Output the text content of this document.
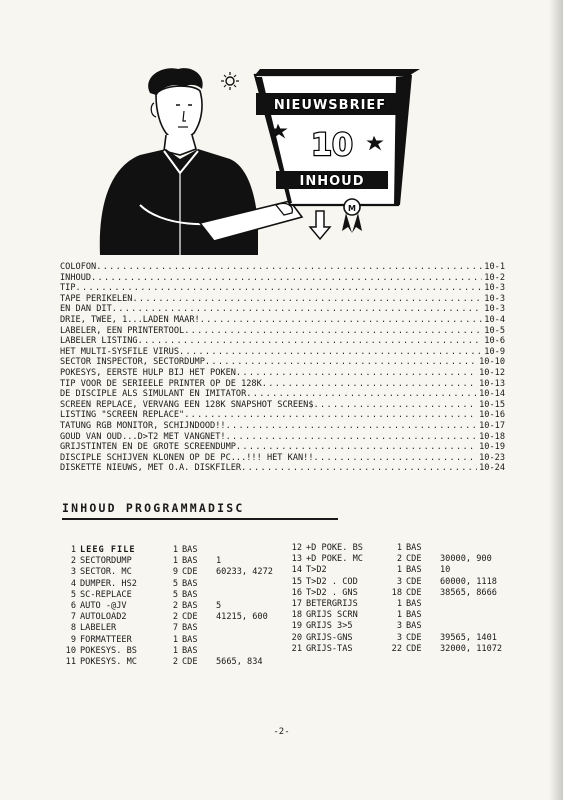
NIEUWSBRIEF
10
INHOUD
M
COLOFON .....	10-1
INHOUD .....	10-2
TIP .....	10-3
TAPE PERIKELEN .....	10-3
EN DAN DIT .....	10-3
DRIE, TWEE, 1...LADEN MAAR! .....	10-4
LABELER, EEN PRINTERTOOL .....	10-5
LABELER LISTING .....	10-6
HET MULTI-SYSFILE VIRUS .....	10-9
SECTOR INSPECTOR, SECTORDUMP .....	10-10
POKESYS, EERSTE HULP BIJ HET POKEN .....	10-12
TIP VOOR DE SERIEELE PRINTER OP DE 128K .....	10-13
DE DISCIPLE ALS SIMULANT EN IMITATOR .....	10-14
SCREEN REPLACE, VERVANG EEN 128K SNAPSHOT SCREEN$ .....	10-15
LISTING "SCREEN REPLACE" .....	10-16
TATUNG RGB MONITOR, SCHIJNDOOD!! .....	10-17
GOUD VAN OUD...D>T2 MET VANGNET! .....	10-18
GRIJSTINTEN EN DE GROTE SCREENDUMP .....	10-19
DISCIPLE SCHIJVEN KLONEN OP DE PC...!!! HET KAN!! .....	10-23
DISKETTE NIEUWS, MET O.A. DISKFILER .....	10-24
INHOUD PROGRAMMADISC
1 LEEG FILE	1 BAS
2 SECTORDUMP	1 BAS	1
3 SECTOR. MC	9 CDE	60233, 4272
4 DUMPER. HS2	5 BAS
5 SC-REPLACE	5 BAS
6 AUTO -@JV	2 BAS	5
7 AUTOLOAD2	2 CDE	41215, 600
8 LABELER	7 BAS
9 FORMATTEER	1 BAS
10 POKESYS. BS	1 BAS
11 POKESYS. MC	2 CDE	5665, 834
12 +D POKE. BS	1 BAS
13 +D POKE. MC	2 CDE	30000, 900
14 T>D2	1 BAS	10
15 T>D2 . COD	3 CDE	60000, 1118
16 T>D2 . GNS	18 CDE	38565, 8666
17 BETERGRIJS	1 BAS
18 GRIJS SCRN	1 BAS
19 GRIJS 3>5	3 BAS
20 GRIJS-GNS	3 CDE	39565, 1401
21 GRIJS-TAS	22 CDE	32000, 11072
-2-
